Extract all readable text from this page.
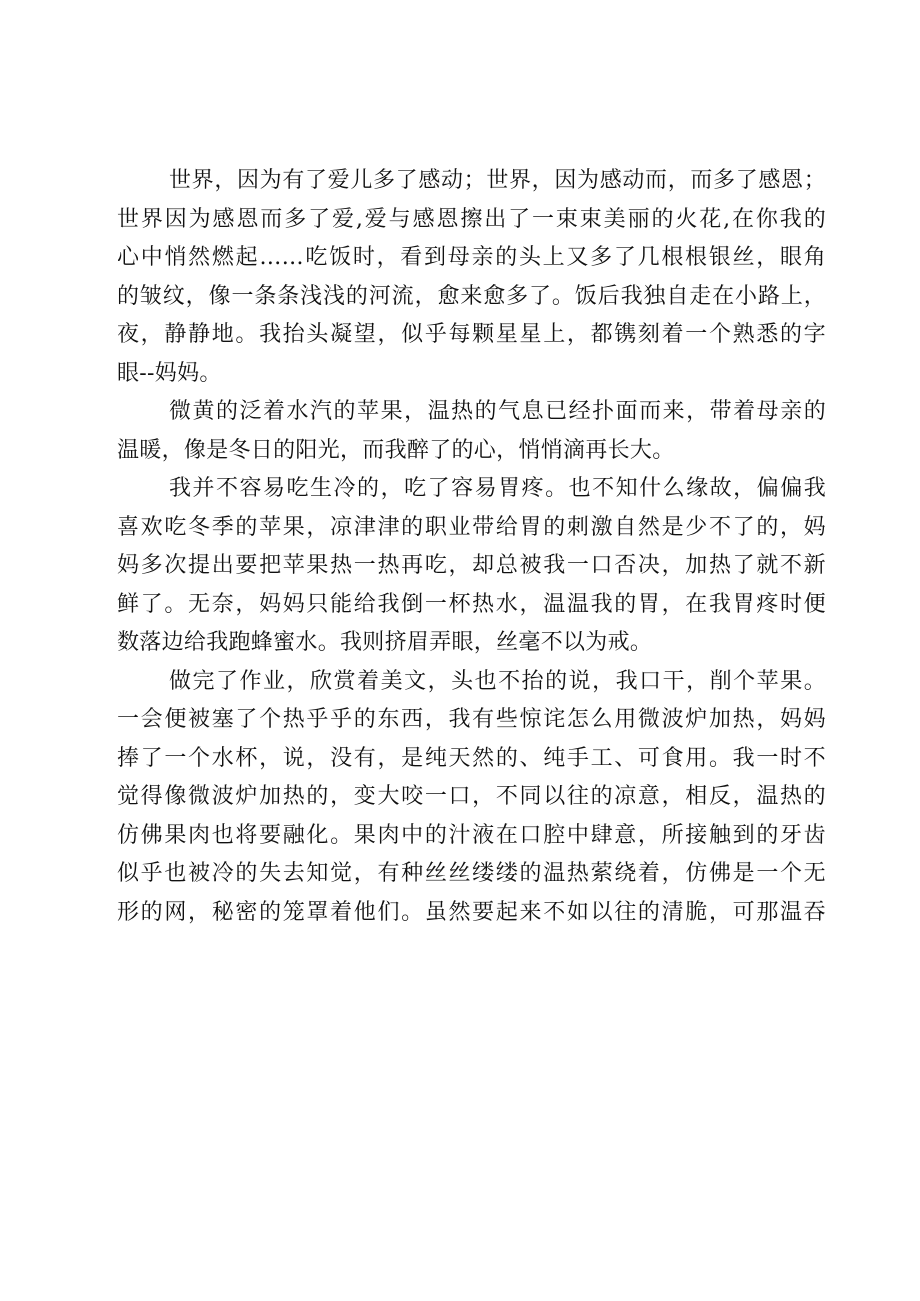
世界，因为有了爱儿多了感动；世界，因为感动而，而多了感恩；
世界因为感恩而多了爱,爱与感恩擦出了一束束美丽的火花,在你我的
心中悄然燃起……吃饭时，看到母亲的头上又多了几根根银丝，眼角
的皱纹，像一条条浅浅的河流，愈来愈多了。饭后我独自走在小路上，
夜，静静地。我抬头凝望，似乎每颗星星上，都镌刻着一个熟悉的字
眼--妈妈。
微黄的泛着水汽的苹果，温热的气息已经扑面而来，带着母亲的
温暖，像是冬日的阳光，而我醉了的心，悄悄滴再长大。
我并不容易吃生冷的，吃了容易胃疼。也不知什么缘故，偏偏我
喜欢吃冬季的苹果，凉津津的职业带给胃的刺激自然是少不了的，妈
妈多次提出要把苹果热一热再吃，却总被我一口否决，加热了就不新
鲜了。无奈，妈妈只能给我倒一杯热水，温温我的胃，在我胃疼时便
数落边给我跑蜂蜜水。我则挤眉弄眼，丝毫不以为戒。
做完了作业，欣赏着美文，头也不抬的说，我口干，削个苹果。
一会便被塞了个热乎乎的东西，我有些惊诧怎么用微波炉加热，妈妈
捧了一个水杯，说，没有，是纯天然的、纯手工、可食用。我一时不
觉得像微波炉加热的，变大咬一口，不同以往的凉意，相反，温热的
仿佛果肉也将要融化。果肉中的汁液在口腔中肆意，所接触到的牙齿
似乎也被冷的失去知觉，有种丝丝缕缕的温热萦绕着，仿佛是一个无
形的网，秘密的笼罩着他们。虽然要起来不如以往的清脆，可那温吞
